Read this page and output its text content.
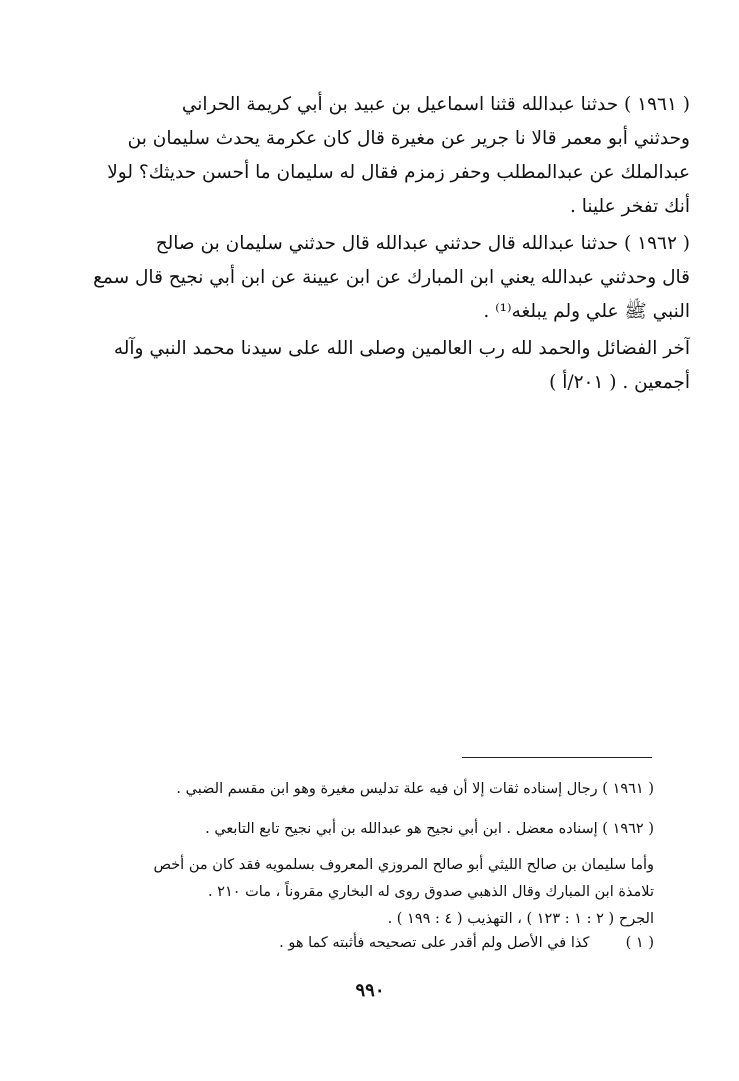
( ١٩٦١ ) حدثنا عبدالله قثنا اسماعيل بن عبيد بن أبي كريمة الحراني
وحدثني أبو معمر قالا نا جرير عن مغيرة قال كان عكرمة يحدث سليمان بن
عبدالملك عن عبدالمطلب وحفر زمزم فقال له سليمان ما أحسن حديثك؟ لولا
أنك تفخر علينا .
( ١٩٦٢ ) حدثنا عبدالله قال حدثني عبدالله قال حدثني سليمان بن صالح
قال وحدثني عبدالله يعني ابن المبارك عن ابن عيينة عن ابن أبي نجيح قال سمع
النبي ﷺ علي ولم يبلغه⁽¹⁾ .
آخر الفضائل والحمد لله رب العالمين وصلى الله على سيدنا محمد النبي وآله
أجمعين . ( ٢٠١/أ )
( ١٩٦١ ) رجال إسناده ثقات إلا أن فيه علة تدليس مغيرة وهو ابن مقسم الضبي .
( ١٩٦٢ ) إسناده معضل . ابن أبي نجيح هو عبدالله بن أبي نجيح تابع التابعي .
وأما سليمان بن صالح الليثي أبو صالح المروزي المعروف بسلمويه فقد كان من أخص
تلامذة ابن المبارك وقال الذهبي صدوق روى له البخاري مقروناً ، مات ٢١٠ .
الجرح ( ٢ : ١ : ١٢٣ ) ، التهذيب ( ٤ : ١٩٩ ) .
( ١ ) كذا في الأصل ولم أقدر على تصحيحه فأثبته كما هو .
٩٩٠
